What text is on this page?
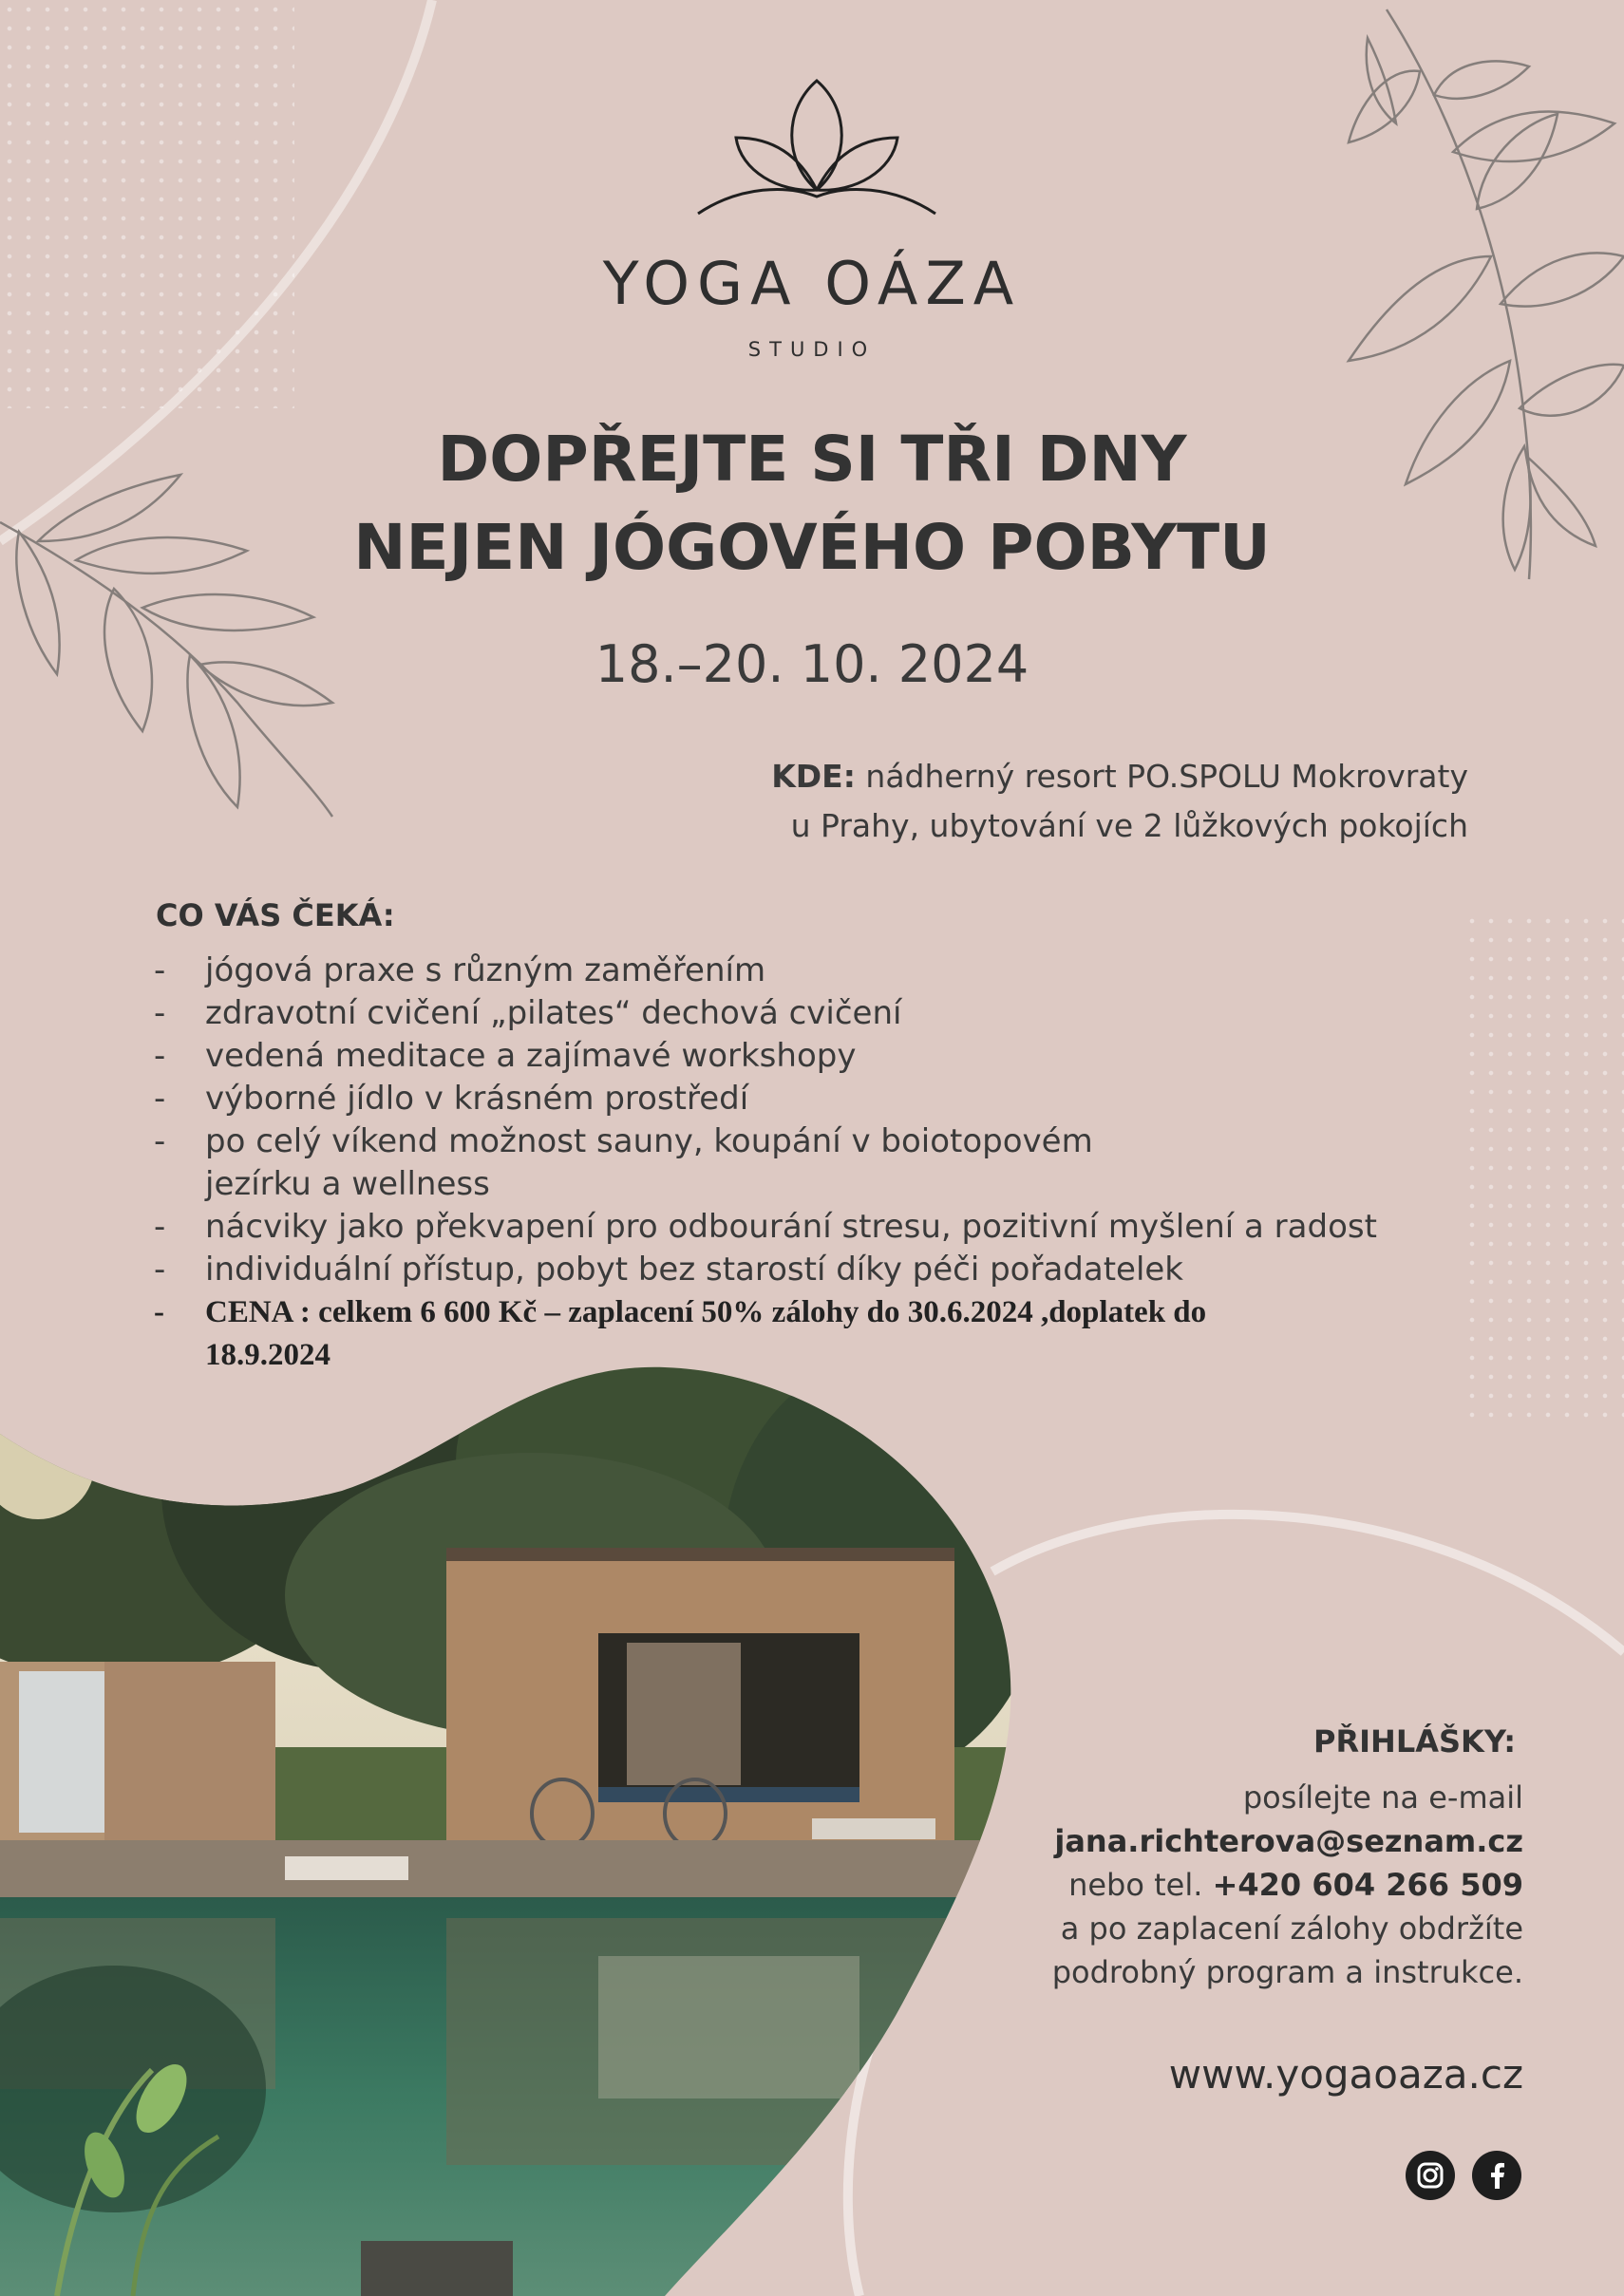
YOGA OÁZA
STUDIO
DOPŘEJTE SI TŘI DNY
NEJEN JÓGOVÉHO POBYTU
18.–20. 10. 2024
KDE: nádherný resort PO.SPOLU Mokrovraty
u Prahy, ubytování ve 2 lůžkových pokojích
CO VÁS ČEKÁ:
- jógová praxe s různým zaměřením
- zdravotní cvičení „pilates“ dechová cvičení
- vedená meditace a zajímavé workshopy
- výborné jídlo v krásném prostředí
- po celý víkend možnost sauny, koupání v boiotopovém jezírku a wellness
- nácviky jako překvapení pro odbourání stresu, pozitivní myšlení a radost
- individuální přístup, pobyt bez starostí díky péči pořadatelek
- CENA : celkem 6 600 Kč – zaplacení 50% zálohy do 30.6.2024 ,doplatek do 18.9.2024
PŘIHLÁŠKY:
posílejte na e-mail
jana.richterova@seznam.cz
nebo tel. +420 604 266 509
a po zaplacení zálohy obdržíte
podrobný program a instrukce.
www.yogaoaza.cz
